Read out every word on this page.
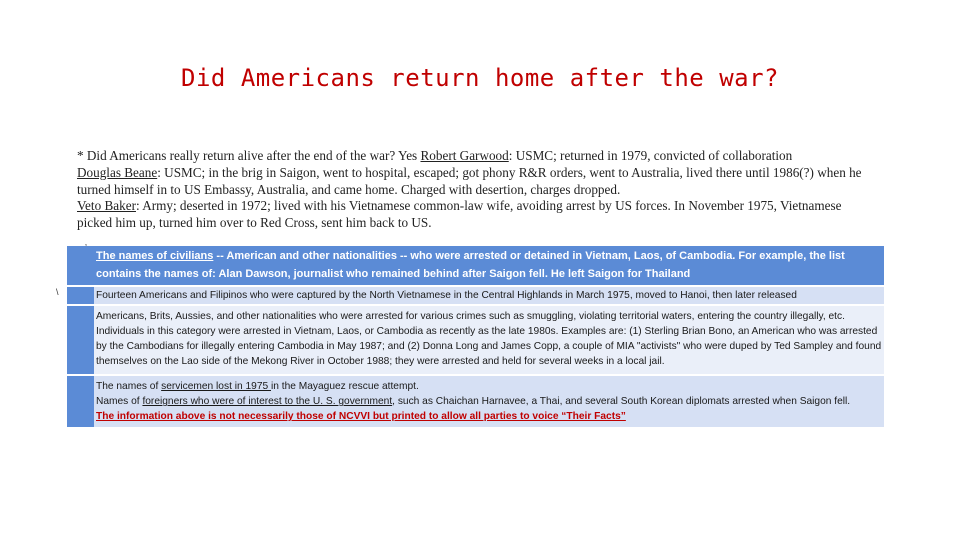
Did Americans return home after the war?

* Did Americans really return alive after the end of the war? Yes Robert Garwood: USMC; returned in 1979, convicted of collaboration
Douglas Beane: USMC; in the brig in Saigon, went to hospital, escaped; got phony R&R orders, went to Australia, lived there until 1986(?) when he turned himself in to US Embassy, Australia, and came home. Charged with desertion, charges dropped.
Veto Baker: Army; deserted in 1972; lived with his Vietnamese common-law wife, avoiding arrest by US forces. In November 1975, Vietnamese picked him up, turned him over to Red Cross, sent him back to US.

\
The names of civilians -- American and other nationalities -- who were arrested or detained in Vietnam, Laos, of Cambodia. For example, the list contains the names of: Alan Dawson, journalist who remained behind after Saigon fell. He left Saigon for Thailand
Fourteen Americans and Filipinos who were captured by the North Vietnamese in the Central Highlands in March 1975, moved to Hanoi, then later released
Americans, Brits, Aussies, and other nationalities who were arrested for various crimes such as smuggling, violating territorial waters, entering the country illegally, etc. Individuals in this category were arrested in Vietnam, Laos, or Cambodia as recently as the late 1980s. Examples are: (1) Sterling Brian Bono, an American who was arrested by the Cambodians for illegally entering Cambodia in May 1987; and (2) Donna Long and James Copp, a couple of MIA "activists" who were duped by Ted Sampley and found themselves on the Lao side of the Mekong River in October 1988; they were arrested and held for several weeks in a local jail.
The names of servicemen lost in 1975 in the Mayaguez rescue attempt.
Names of foreigners who were of interest to the U. S. government, such as Chaichan Harnavee, a Thai, and several South Korean diplomats arrested when Saigon fell.
The information above is not necessarily those of NCVVI but printed to allow all parties to voice “Their Facts”
